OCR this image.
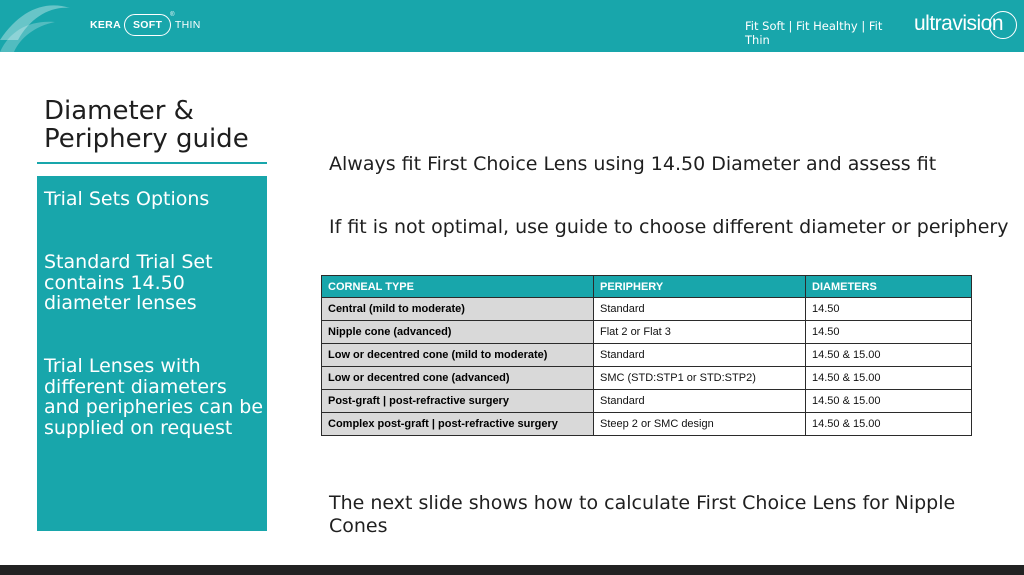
KERA	SOFT
®
THIN	Fit Soft | Fit Healthy | Fit Thin
ultravision
Diameter & Periphery guide
Trial Sets Options
Standard Trial Set contains 14.50 diameter lenses
Trial Lenses with different diameters and peripheries can be supplied on request
Always fit First Choice Lens using 14.50 Diameter and assess fit
If fit is not optimal, use guide to choose different diameter or periphery
CORNEAL TYPE	PERIPHERY	DIAMETERS
Central (mild to moderate)	Standard	14.50
Nipple cone (advanced)	Flat 2 or Flat 3	14.50
Low or decentred cone (mild to moderate)	Standard	14.50 & 15.00
Low or decentred cone (advanced)	SMC (STD:STP1 or STD:STP2)	14.50 & 15.00
Post-graft | post-refractive surgery	Standard	14.50 & 15.00
Complex post-graft | post-refractive surgery	Steep 2 or SMC design	14.50 & 15.00
The next slide shows how to calculate First Choice Lens for Nipple Cones
